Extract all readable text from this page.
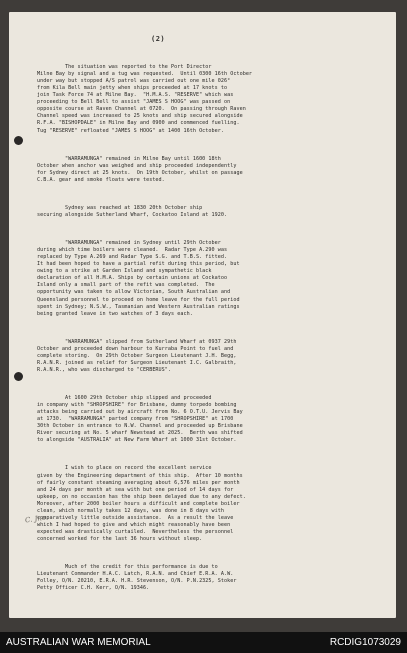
(2)

The situation was reported to the Port Director
Milne Bay by signal and a tug was requested.  Until 0300 16th October
under way but stopped A/S patrol was carried out one mile 026°
from Kila Bell main jetty when ships proceeded at 17 knots to
join Task Force 74 at Milne Bay.  "H.M.A.S. "RESERVE" which was
proceeding to Bell Bell to assist "JAMES S HOOG" was passed on
opposite course at Raven Channel at 0720.  On passing through Raven
Channel speed was increased to 25 knots and ship secured alongside
R.F.A. "BISHOPDALE" in Milne Bay and 0900 and commenced fuelling.
Tug "RESERVE" refloated "JAMES S HOOG" at 1400 16th October.

"WARRAMUNGA" remained in Milne Bay until 1600 18th
October when anchor was weighed and ship proceeded independently
for Sydney direct at 25 knots.  On 19th October, whilst on passage
C.B.A. gear and smoke floats were tested.

Sydney was reached at 1830 20th October ship
securing alongside Sutherland Wharf, Cockatoo Island at 1920.

"WARRAMUNGA" remained in Sydney until 29th October
during which time boilers were cleaned.  Radar Type A.290 was
replaced by Type A.269 and Radar Type S.G. and T.B.S. fitted.
It had been hoped to have a partial refit during this period, but
owing to a strike at Garden Island and sympathetic black
declaration of all H.M.A. Ships by certain unions at Cockatoo
Island only a small part of the refit was completed.  The
opportunity was taken to allow Victorian, South Australian and
Queensland personnel to proceed on home leave for the full period
spent in Sydney; N.S.W., Tasmanian and Western Australian ratings
being granted leave in two watches of 3 days each.

"WARRAMUNGA" slipped from Sutherland Wharf at 0937 29th
October and proceeded down harbour to Kurraba Point to fuel and
complete storing.  On 29th October Surgeon Lieutenant J.H. Begg,
R.A.N.R. joined as relief for Surgeon Lieutenant I.C. Galbraith,
R.A.N.R., who was discharged to "CERBERUS".

At 1600 29th October ship slipped and proceeded
in company with "SHROPSHIRE" for Brisbane, dummy torpedo bombing
attacks being carried out by aircraft from No. 6 O.T.U. Jervis Bay
at 1730.  "WARRAMUNGA" parted company from "SHROPSHIRE" at 1700
30th October in entrance to N.W. Channel and proceeded up Brisbane
River securing at No. 5 wharf Newstead at 2025.  Berth was shifted
to alongside "AUSTRALIA" at New Farm Wharf at 1000 31st October.

I wish to place on record the excellent service
given by the Engineering department of this ship.  After 10 months
of fairly constant steaming averaging about 6,576 miles per month
and 24 days per month at sea with but one period of 14 days for
upkeep, on no occasion has the ship been delayed due to any defect.
Moreover, after 2000 boiler hours a difficult and complete boiler
clean, which normally takes 12 days, was done in 8 days with
comparatively little outside assistance.  As a result the leave
which I had hoped to give and which might reasonably have been
expected was drastically curtailed.  Nevertheless the personnel
concerned worked for the last 36 hours without sleep.

Much of the credit for this performance is due to
Lieutenant Commander H.A.C. Latch, R.A.N. and Chief E.R.A. A.W.
Folley, O/N. 20210, E.R.A. H.R. Stevenson, O/N. P.N.2325, Stoker
Petty Officer C.H. Kerr, O/N. 19346.

C. Jno
AUSTRALIAN WAR MEMORIAL	RCDIG1073029
